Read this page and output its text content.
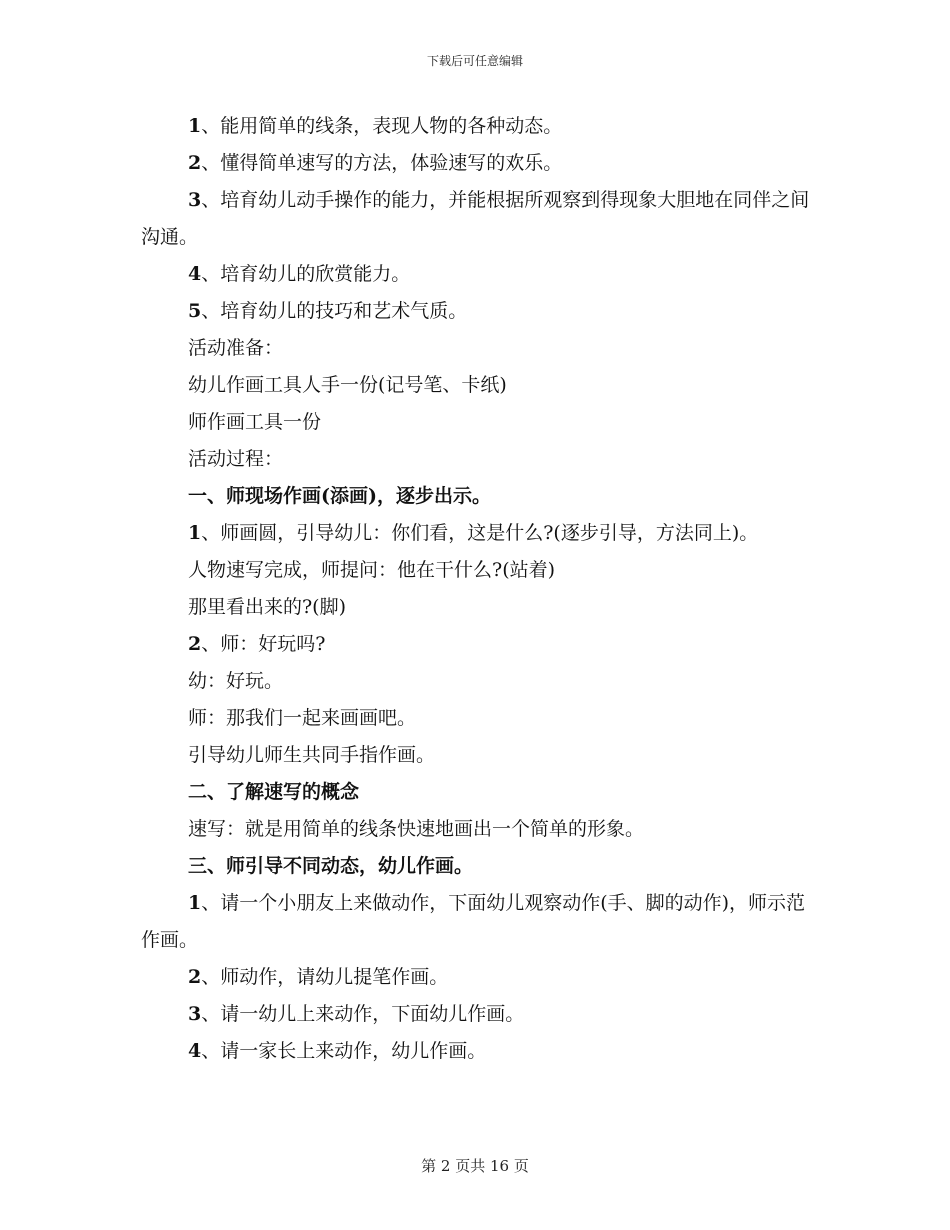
下载后可任意编辑

1、能用简单的线条，表现人物的各种动态。

2、懂得简单速写的方法，体验速写的欢乐。

3、培育幼儿动手操作的能力，并能根据所观察到得现象大胆地在同伴之间沟通。

4、培育幼儿的欣赏能力。

5、培育幼儿的技巧和艺术气质。

活动准备：

幼儿作画工具人手一份(记号笔、卡纸)

师作画工具一份

活动过程：

一、师现场作画(添画)，逐步出示。

1、师画圆，引导幼儿：你们看，这是什么?(逐步引导，方法同上)。

人物速写完成，师提问：他在干什么?(站着)

那里看出来的?(脚)

2、师：好玩吗?

幼：好玩。

师：那我们一起来画画吧。

引导幼儿师生共同手指作画。

二、了解速写的概念

速写：就是用简单的线条快速地画出一个简单的形象。

三、师引导不同动态，幼儿作画。

1、请一个小朋友上来做动作，下面幼儿观察动作(手、脚的动作)，师示范作画。

2、师动作，请幼儿提笔作画。

3、请一幼儿上来动作，下面幼儿作画。

4、请一家长上来动作，幼儿作画。

第 2 页共 16 页
